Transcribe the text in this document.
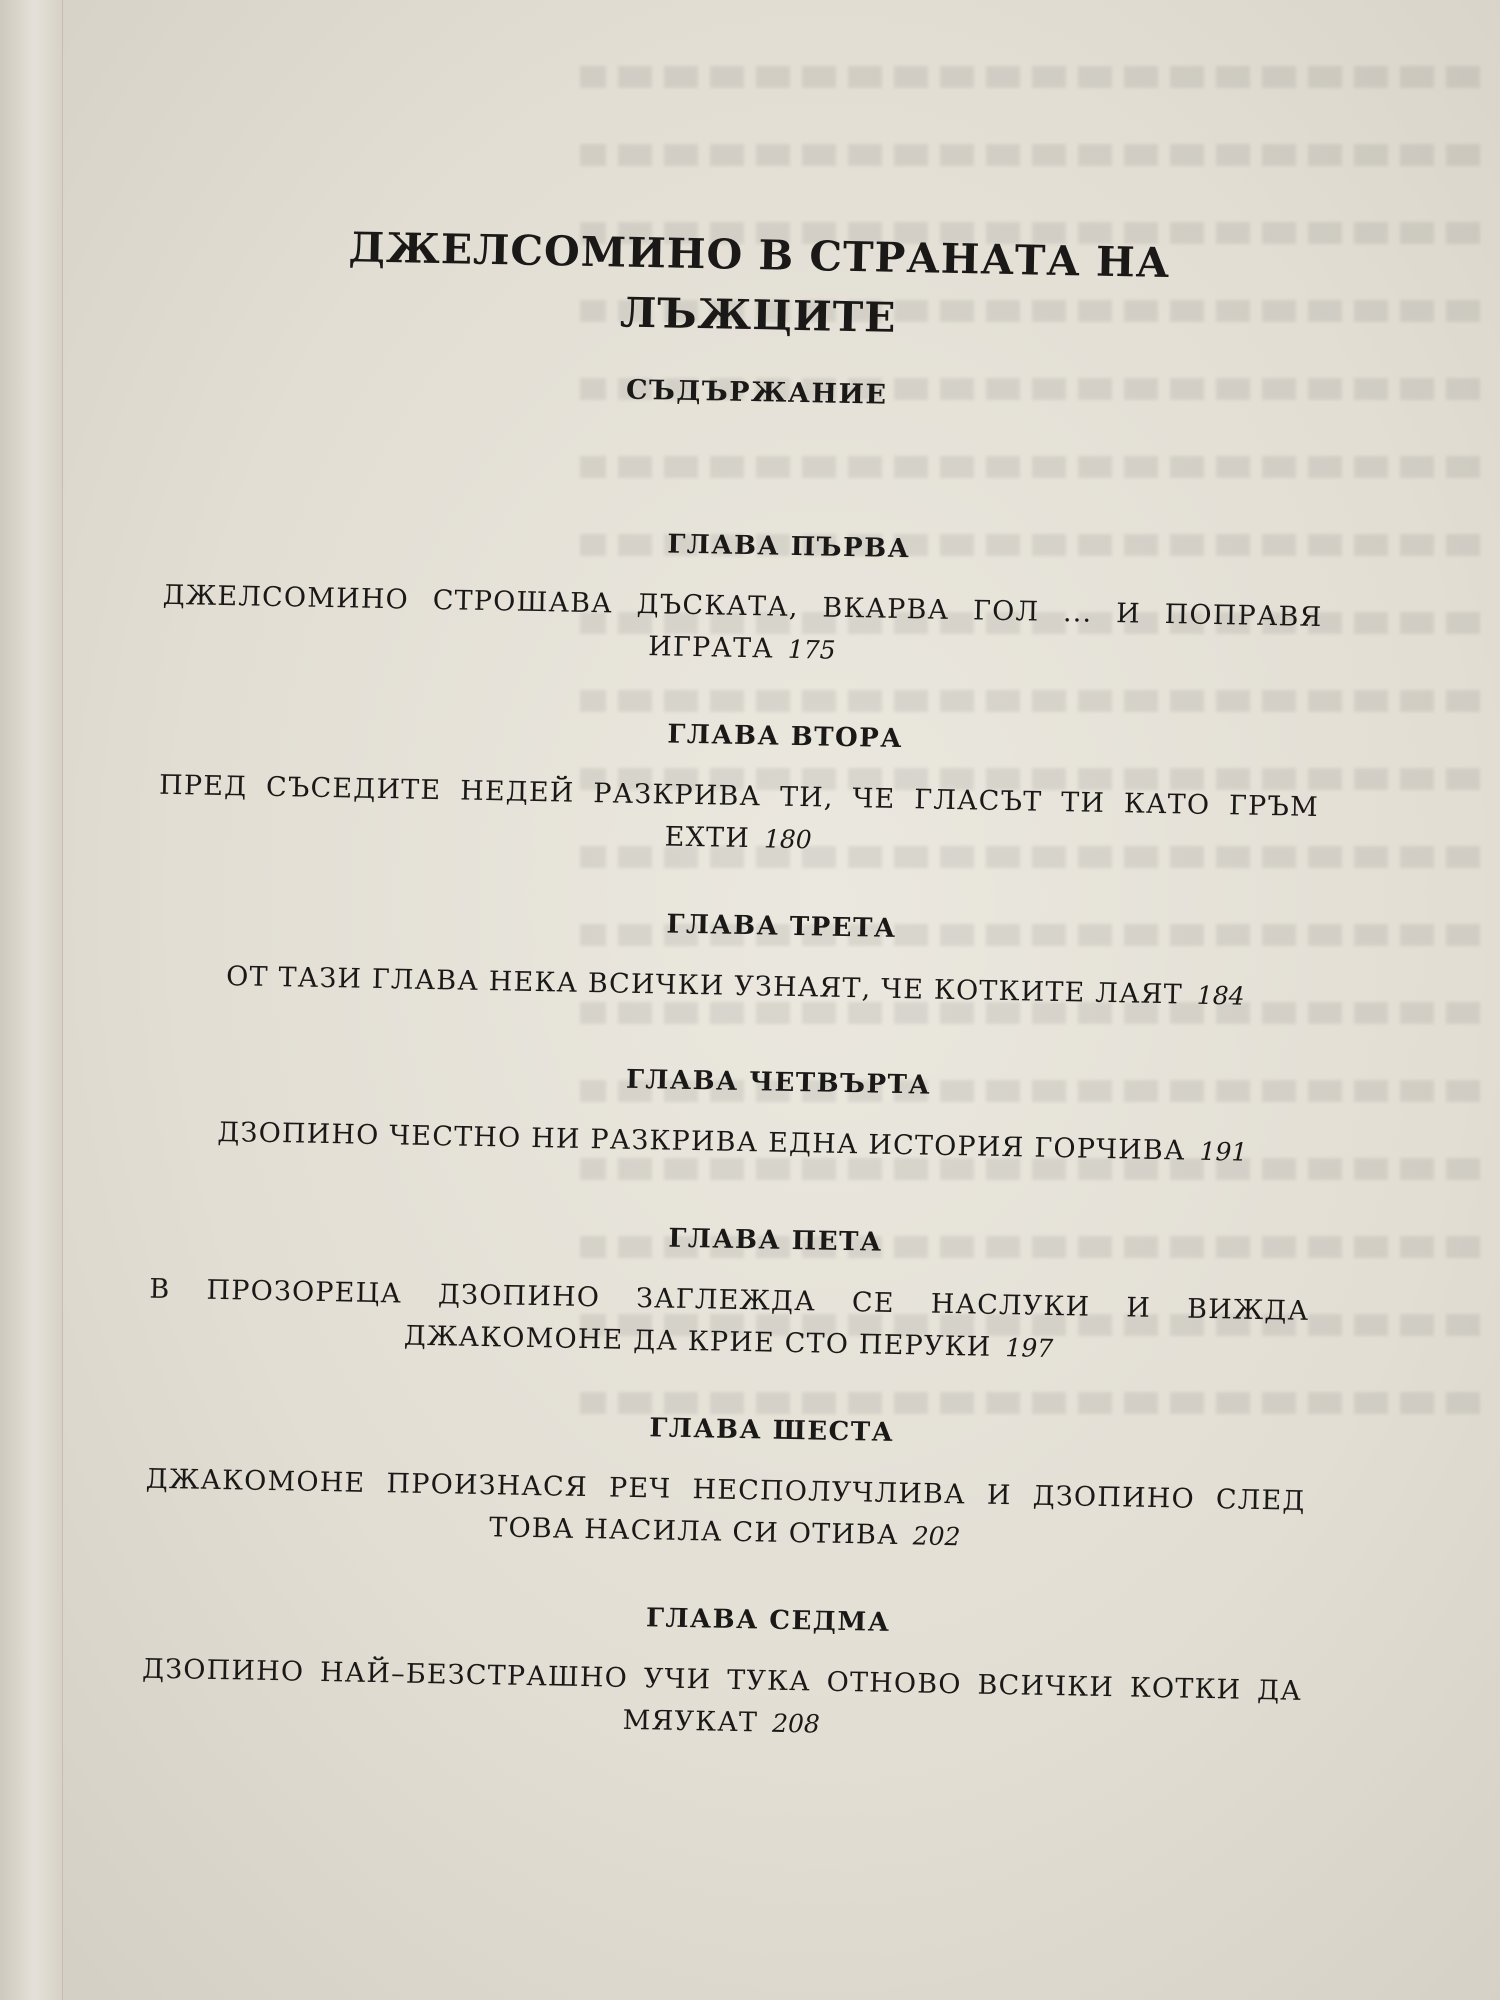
ДЖЕЛСОМИНО В СТРАНАТА НА ЛЪЖЦИТЕ
СЪДЪРЖАНИЕ
ГЛАВА ПЪРВА
ДЖЕЛСОМИНО СТРОШАВА ДЪСКАТА, ВКАРВА ГОЛ ... И ПОПРАВЯ ИГРАТА 175
ГЛАВА ВТОРА
ПРЕД СЪСЕДИТЕ НЕДЕЙ РАЗКРИВА ТИ, ЧЕ ГЛАСЪТ ТИ КАТО ГРЪМ ЕХТИ 180
ГЛАВА ТРЕТА
ОТ ТАЗИ ГЛАВА НЕКА ВСИЧКИ УЗНАЯТ, ЧЕ КОТКИТЕ ЛАЯТ 184
ГЛАВА ЧЕТВЪРТА
ДЗОПИНО ЧЕСТНО НИ РАЗКРИВА ЕДНА ИСТОРИЯ ГОРЧИВА 191
ГЛАВА ПЕТА
В ПРОЗОРЕЦА ДЗОПИНО ЗАГЛЕЖДА СЕ НАСЛУКИ И ВИЖДА ДЖАКОМОНЕ ДА КРИЕ СТО ПЕРУКИ 197
ГЛАВА ШЕСТА
ДЖАКОМОНЕ ПРОИЗНАСЯ РЕЧ НЕСПОЛУЧЛИВА И ДЗОПИНО СЛЕД ТОВА НАСИЛА СИ ОТИВА 202
ГЛАВА СЕДМА
ДЗОПИНО НАЙ–БЕЗСТРАШНО УЧИ ТУКА ОТНОВО ВСИЧКИ КОТКИ ДА МЯУКАТ 208
